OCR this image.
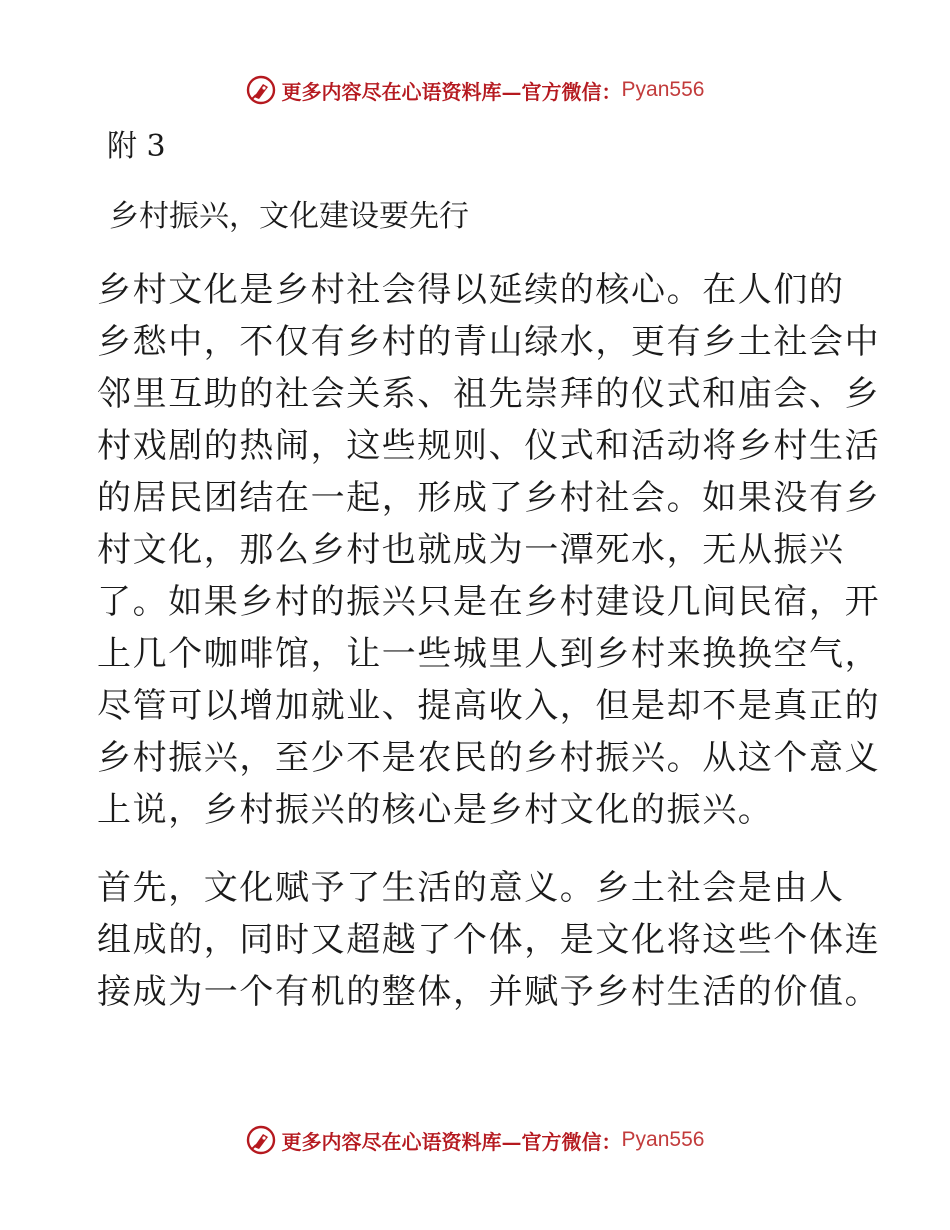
更多内容尽在心语资料库—官方微信： Pyan556
附 3
乡村振兴，文化建设要先行

乡村文化是乡村社会得以延续的核心。在人们的
乡愁中，不仅有乡村的青山绿水，更有乡土社会中
邻里互助的社会关系、祖先崇拜的仪式和庙会、乡
村戏剧的热闹，这些规则、仪式和活动将乡村生活
的居民团结在一起，形成了乡村社会。如果没有乡
村文化，那么乡村也就成为一潭死水，无从振兴
了。如果乡村的振兴只是在乡村建设几间民宿，开
上几个咖啡馆，让一些城里人到乡村来换换空气，
尽管可以增加就业、提高收入，但是却不是真正的
乡村振兴，至少不是农民的乡村振兴。从这个意义
上说，乡村振兴的核心是乡村文化的振兴。

首先，文化赋予了生活的意义。乡土社会是由人
组成的，同时又超越了个体，是文化将这些个体连
接成为一个有机的整体，并赋予乡村生活的价值。

更多内容尽在心语资料库—官方微信： Pyan556
